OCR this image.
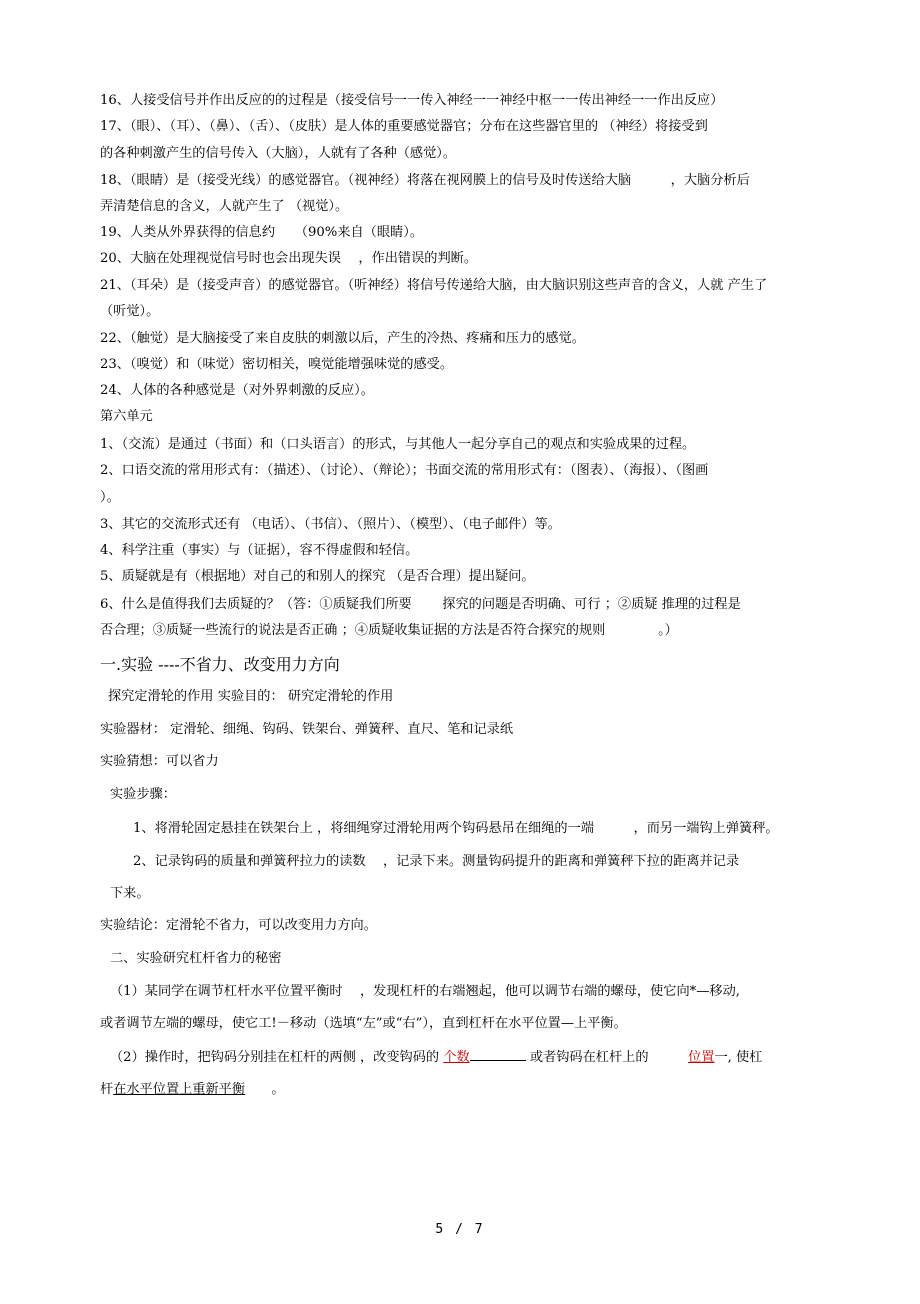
16、人接受信号并作出反应的的过程是（接受信号一一传入神经一一神经中枢一一传出神经一一作出反应）
17、（眼）、（耳）、（鼻）、（舌）、（皮肤）是人体的重要感觉器官；分布在这些器官里的 （神经）将接受到
的各种刺激产生的信号传入（大脑），人就有了各种（感觉）。
18、（眼睛）是（接受光线）的感觉器官。（视神经）将落在视网膜上的信号及时传送给大脑　　　，大脑分析后
弄清楚信息的含义，人就产生了 （视觉）。
19、人类从外界获得的信息约　　（90%来自（眼睛）。
20、大脑在处理视觉信号时也会出现失误　 ，作出错误的判断。
21、（耳朵）是（接受声音）的感觉器官。（听神经）将信号传递给大脑，由大脑识别这些声音的含义，人就 产生了
（听觉）。
22、（触觉）是大脑接受了来自皮肤的刺激以后，产生的冷热、疼痛和压力的感觉。
23、（嗅觉）和（味觉）密切相关，嗅觉能增强味觉的感受。
24、人体的各种感觉是（对外界刺激的反应）。
第六单元
1、（交流）是通过（书面）和（口头语言）的形式，与其他人一起分享自己的观点和实验成果的过程。
2、口语交流的常用形式有：（描述）、（讨论）、（辩论）；书面交流的常用形式有：（图表）、（海报）、（图画
）。
3、其它的交流形式还有 （电话）、（书信）、（照片）、（模型）、（电子邮件）等。
4、科学注重（事实）与（证据），容不得虚假和轻信。
5、质疑就是有（根据地）对自己的和别人的探究 （是否合理）提出疑问。
6、什么是值得我们去质疑的？（答：①质疑我们所要　　 探究的问题是否明确、可行 ；②质疑 推理的过程是
否合理；③质疑一些流行的说法是否正确 ；④质疑收集证据的方法是否符合探究的规则　　　　。）
一.实验 ----不省力、改变用力方向
探究定滑轮的作用 实验目的： 研究定滑轮的作用
实验器材： 定滑轮、细绳、钩码、铁架台、弹簧秤、直尺、笔和记录纸
实验猜想：可以省力
实验步骤：
1、将滑轮固定悬挂在铁架台上 ，将细绳穿过滑轮用两个钩码悬吊在细绳的一端　　　，而另一端钩上弹簧秤。
2、记录钩码的质量和弹簧秤拉力的读数　 ，记录下来。测量钩码提升的距离和弹簧秤下拉的距离并记录
下来。
实验结论：定滑轮不省力，可以改变用力方向。
二、实验研究杠杆省力的秘密
（1）某同学在调节杠杆水平位置平衡时　 ，发现杠杆的右端翘起，他可以调节右端的螺母，使它向*—移动,
或者调节左端的螺母，使它工!－移动（选填“左”或“右”），直到杠杆在水平位置—上平衡。
（2）操作时，把钩码分别挂在杠杆的两侧 ，改变钩码的 个数	或者钩码在杠杆上的　　　位置一, 使杠
杆在水平位置上重新平衡　　。
5 / 7
